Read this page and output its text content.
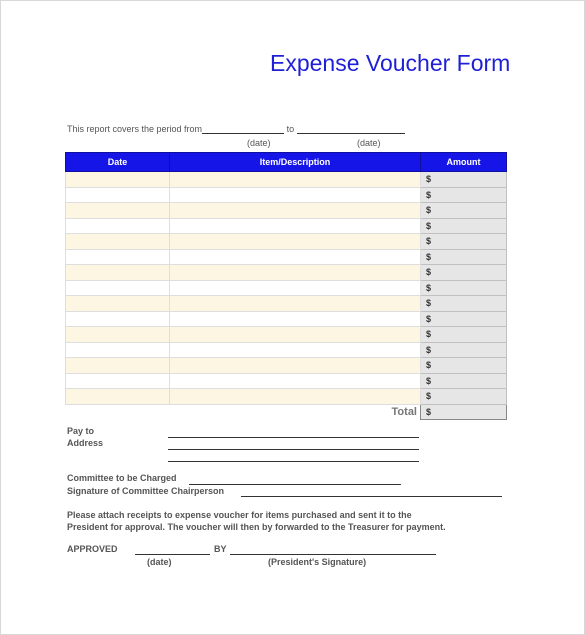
Expense Voucher Form
This report covers the period from	to
(date)	(date)
Date	Item/Description	Amount
		$
		$
		$
		$
		$
		$
		$
		$
		$
		$
		$
		$
		$
		$
		$
	Total	$
Pay to
Address
Committee to be Charged
Signature of Committee Chairperson
Please attach receipts to expense voucher for items purchased and sent it to the
President for approval. The voucher will then by forwarded to the Treasurer for payment.
APPROVED	BY
(date)	(President's Signature)
